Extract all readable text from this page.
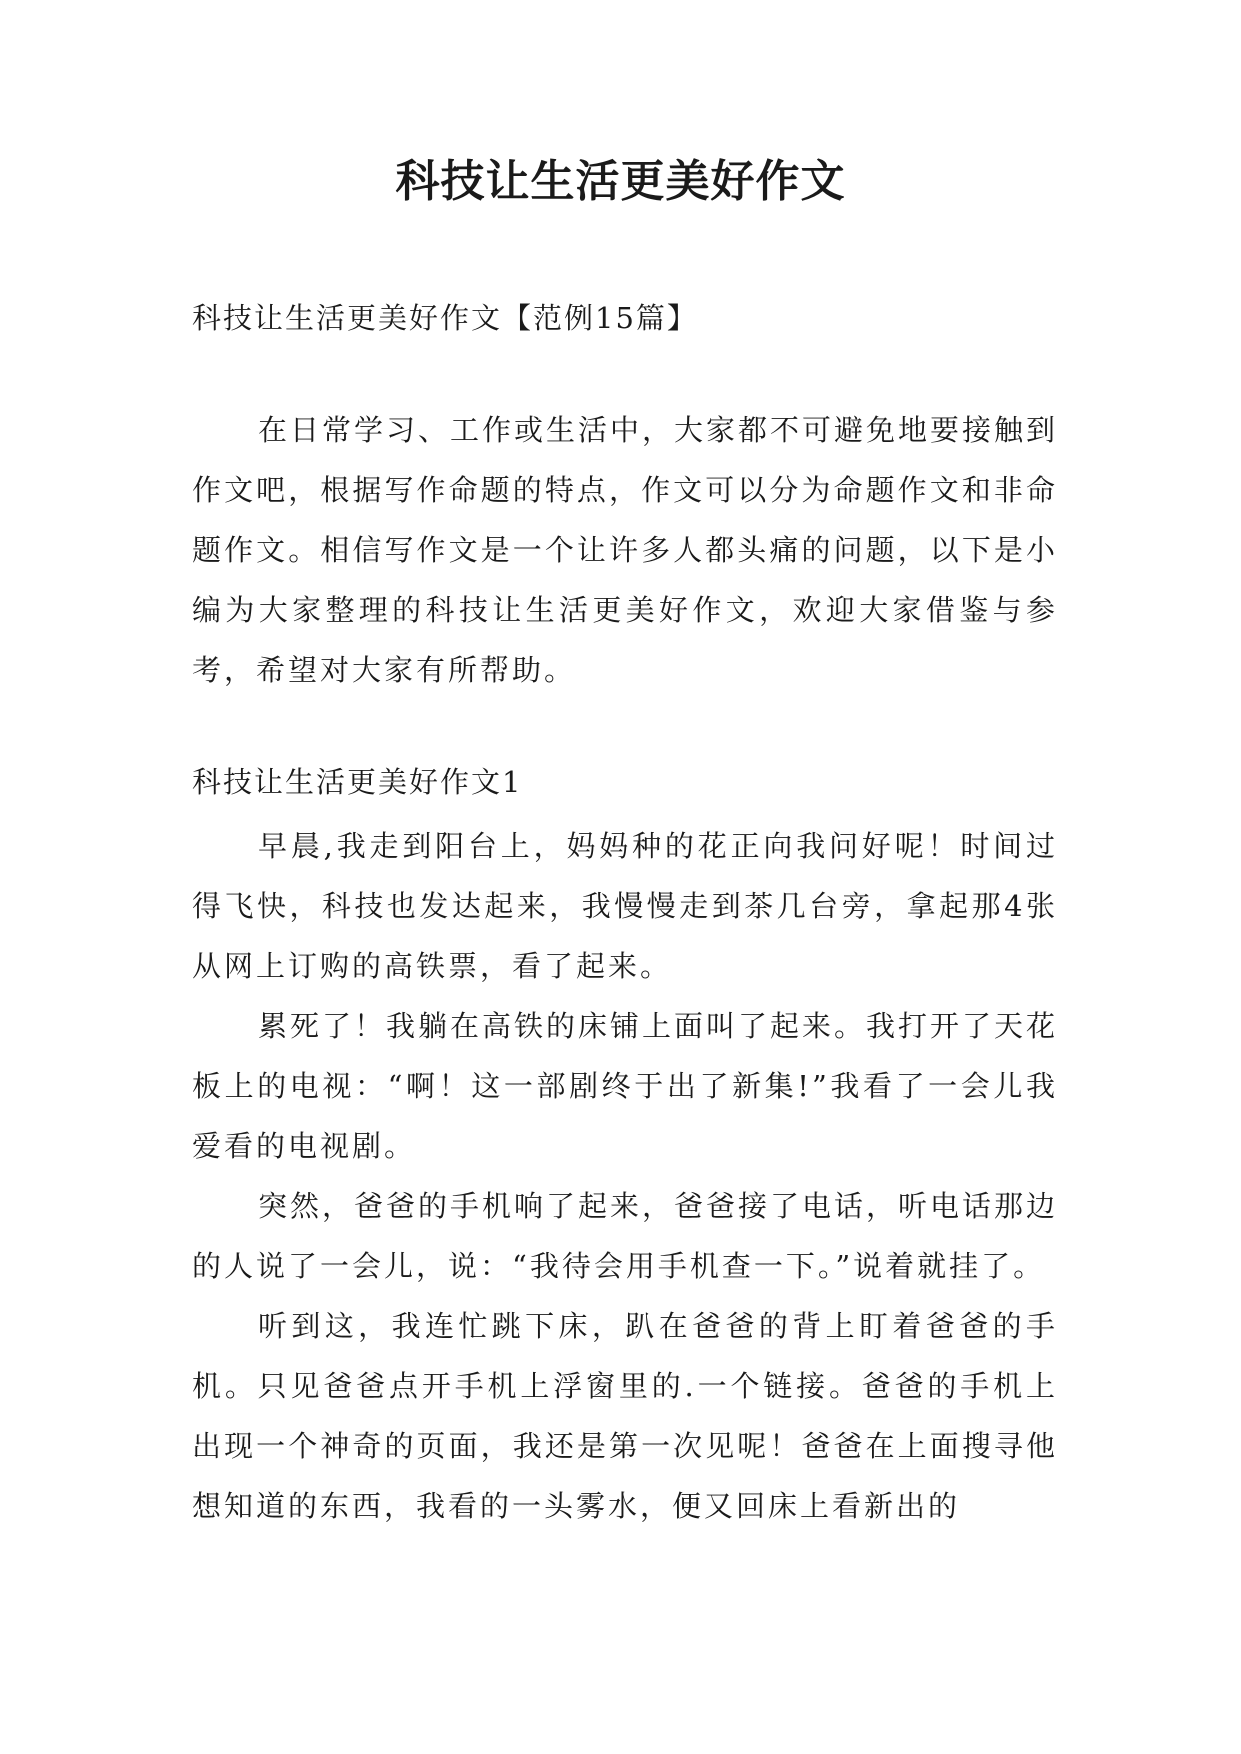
科技让生活更美好作文

科技让生活更美好作文【范例15篇】

在日常学习、工作或生活中，大家都不可避免地要接触到作文吧，根据写作命题的特点，作文可以分为命题作文和非命题作文。相信写作文是一个让许多人都头痛的问题，以下是小编为大家整理的科技让生活更美好作文，欢迎大家借鉴与参考，希望对大家有所帮助。

科技让生活更美好作文1

早晨,我走到阳台上，妈妈种的花正向我问好呢！时间过得飞快，科技也发达起来，我慢慢走到茶几台旁，拿起那4张从网上订购的高铁票，看了起来。

累死了！我躺在高铁的床铺上面叫了起来。我打开了天花板上的电视：“啊！这一部剧终于出了新集!”我看了一会儿我爱看的电视剧。

突然，爸爸的手机响了起来，爸爸接了电话，听电话那边的人说了一会儿，说：“我待会用手机查一下。”说着就挂了。

听到这，我连忙跳下床，趴在爸爸的背上盯着爸爸的手机。只见爸爸点开手机上浮窗里的.一个链接。爸爸的手机上出现一个神奇的页面，我还是第一次见呢！爸爸在上面搜寻他想知道的东西，我看的一头雾水，便又回床上看新出的
